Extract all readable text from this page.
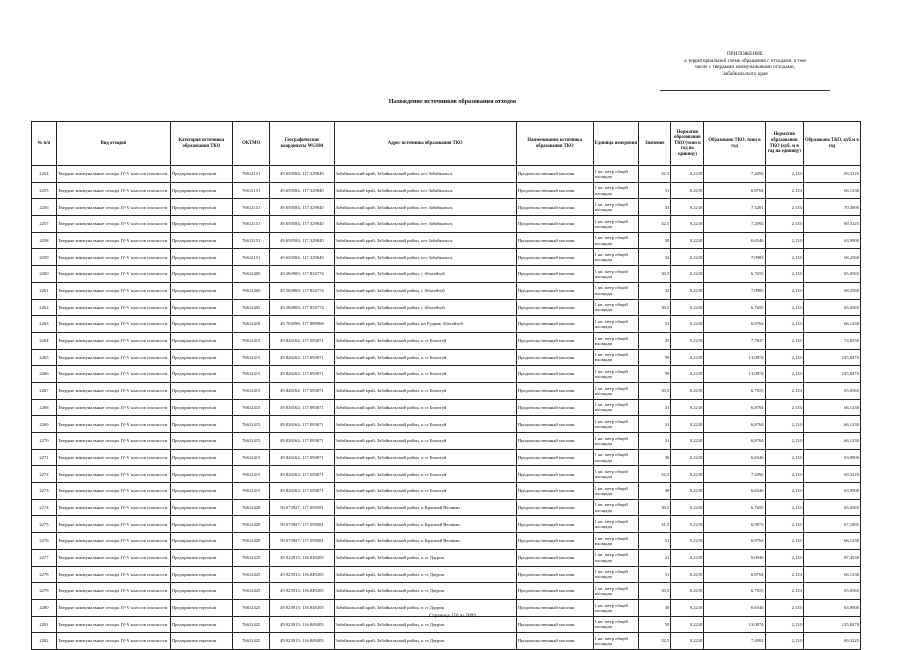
ПРИЛОЖЕНИЕ
к территориальной схеме обращения с отходами, в том
числе с твердыми коммунальными отходами,
Забайкальского края
Нахождение источников образования отходов
№ п/п	Вид отходов	Категория источника образования ТКО	ОКТМО	Географические координаты WGS84	Адрес источника образования ТКО	Наименование источника образования ТКО	Единица измерения	Значение	Норматив образования ТКО (тонн в год на единицу)	Образовано ТКО, тонн в год	Норматив образования ТКО (куб. м в год на единицу)	Образовано ТКО, куб.м в год
2254	Твердые коммунальные отходы IV-V классов опасности	Предприятия торговли	76612151	49.650584; 117.329040	Забайкальский край, Забайкальский район, пгт Забайкальск	Продовольственный магазин	1 кв. метр общей площади	32,5	0,2218	7,2092	2,133	69,3225
2255	Твердые коммунальные отходы IV-V классов опасности	Предприятия торговли	76612151	49.650584; 117.329040	Забайкальский край, Забайкальский район, пгт Забайкальск	Продовольственный магазин	1 кв. метр общей площади	31	0,2218	6,8764	2,133	66,1230
2256	Твердые коммунальные отходы IV-V классов опасности	Предприятия торговли	76612151	49.650584; 117.329040	Забайкальский край, Забайкальский район, пгт Забайкальск	Продовольственный магазин	1 кв. метр общей площади	33	0,2218	7,3201	2,133	70,3890
2257	Твердые коммунальные отходы IV-V классов опасности	Предприятия торговли	76612151	49.650584; 117.329040	Забайкальский край, Забайкальский район, пгт Забайкальск	Продовольственный магазин	1 кв. метр общей площади	32,5	0,2218	7,2092	2,133	69,3225
2258	Твердые коммунальные отходы IV-V классов опасности	Предприятия торговли	76612151	49.650584; 117.329040	Забайкальский край, Забайкальский район, пгт Забайкальск	Продовольственный магазин	1 кв. метр общей площади	30	0,2218	6,6546	2,133	63,9900
2259	Твердые коммунальные отходы IV-V классов опасности	Предприятия торговли	76612151	49.650584; 117.329040	Забайкальский край, Забайкальский район, пгт Забайкальск	Продовольственный магазин	1 кв. метр общей площади	32	0,2218	7,0983	2,133	68,2560
2260	Твердые коммунальные отходы IV-V классов опасности	Предприятия торговли	76612405	49.584900; 117.834774	Забайкальский край, Забайкальский район, с Абагайтуй	Продовольственный магазин	1 кв. метр общей площади	30,5	0,2218	6,7655	2,133	65,0565
2261	Твердые коммунальные отходы IV-V классов опасности	Предприятия торговли	76612405	49.584900; 117.834774	Забайкальский край, Забайкальский район, с Абагайтуй	Продовольственный магазин	1 кв. метр общей площади	32	0,2218	7,0983	2,133	68,2560
2262	Твердые коммунальные отходы IV-V классов опасности	Предприятия торговли	76612405	49.584900; 117.834774	Забайкальский край, Забайкальский район, с Абагайтуй	Продовольственный магазин	1 кв. метр общей площади	30,5	0,2218	6,7655	2,133	65,0565
2263	Твердые коммунальные отходы IV-V классов опасности	Предприятия торговли	76612410	49.704596; 117.889968	Забайкальский край, Забайкальский район, нп Рудник Абагайтуй	Продовольственный магазин	1 кв. метр общей площади	31	0,2218	6,8764	2,133	66,1230
2264	Твердые коммунальные отходы IV-V классов опасности	Предприятия торговли	76612415	49.826162; 117.093071	Забайкальский край, Забайкальский район, п ст Билитуй	Продовольственный магазин	1 кв. метр общей площади	35	0,2218	7,7637	2,133	74,6550
2265	Твердые коммунальные отходы IV-V классов опасности	Предприятия торговли	76612415	49.826162; 117.093071	Забайкальский край, Забайкальский район, п ст Билитуй	Продовольственный магазин	1 кв. метр общей площади	59	0,2218	13,0874	2,133	125,8470
2266	Твердые коммунальные отходы IV-V классов опасности	Предприятия торговли	76612415	49.826162; 117.093071	Забайкальский край, Забайкальский район, п ст Билитуй	Продовольственный магазин	1 кв. метр общей площади	59	0,2218	13,0874	2,133	125,8470
2267	Твердые коммунальные отходы IV-V классов опасности	Предприятия торговли	76612415	49.826162; 117.093071	Забайкальский край, Забайкальский район, п ст Билитуй	Продовольственный магазин	1 кв. метр общей площади	30,5	0,2218	6,7655	2,133	65,0565
2268	Твердые коммунальные отходы IV-V классов опасности	Предприятия торговли	76612415	49.826162; 117.093071	Забайкальский край, Забайкальский район, п ст Билитуй	Продовольственный магазин	1 кв. метр общей площади	31	0,2218	6,8764	2,133	66,1230
2269	Твердые коммунальные отходы IV-V классов опасности	Предприятия торговли	76612415	49.826162; 117.093071	Забайкальский край, Забайкальский район, п ст Билитуй	Продовольственный магазин	1 кв. метр общей площади	31	0,2218	6,8764	2,133	66,1230
2270	Твердые коммунальные отходы IV-V классов опасности	Предприятия торговли	76612415	49.826162; 117.093071	Забайкальский край, Забайкальский район, п ст Билитуй	Продовольственный магазин	1 кв. метр общей площади	31	0,2218	6,8764	2,133	66,1230
2271	Твердые коммунальные отходы IV-V классов опасности	Предприятия торговли	76612415	49.826162; 117.093071	Забайкальский край, Забайкальский район, п ст Билитуй	Продовольственный магазин	1 кв. метр общей площади	30	0,2218	6,6546	2,133	63,9900
2272	Твердые коммунальные отходы IV-V классов опасности	Предприятия торговли	76612415	49.826162; 117.093071	Забайкальский край, Забайкальский район, п ст Билитуй	Продовольственный магазин	1 кв. метр общей площади	32,5	0,2218	7,2092	2,133	69,3225
2273	Твердые коммунальные отходы IV-V классов опасности	Предприятия торговли	76612415	49.826162; 117.093071	Забайкальский край, Забайкальский район, п ст Билитуй	Продовольственный магазин	1 кв. метр общей площади	30	0,2218	6,6546	2,133	63,9900
2274	Твердые коммунальные отходы IV-V классов опасности	Предприятия торговли	76612420	50.073927; 117.059581	Забайкальский край, Забайкальский район, п Красный Великан	Продовольственный магазин	1 кв. метр общей площади	30,5	0,2218	6,7655	2,133	65,0565
2275	Твердые коммунальные отходы IV-V классов опасности	Предприятия торговли	76612420	50.073927; 117.059581	Забайкальский край, Забайкальский район, п Красный Великан	Продовольственный магазин	1 кв. метр общей площади	31,5	0,2218	6,9873	2,133	67,1895
2276	Твердые коммунальные отходы IV-V классов опасности	Предприятия торговли	76612420	50.073927; 117.059581	Забайкальский край, Забайкальский район, п Красный Великан	Продовольственный магазин	1 кв. метр общей площади	31	0,2218	6,8764	2,133	66,1230
2277	Твердые коммунальные отходы IV-V классов опасности	Предприятия торговли	76612425	49.923913; 116.849205	Забайкальский край, Забайкальский район, п ст Даурия	Продовольственный магазин	1 кв. метр общей площади	41	0,2218	9,0946	2,133	87,4530
2278	Твердые коммунальные отходы IV-V классов опасности	Предприятия торговли	76612425	49.923913; 116.849205	Забайкальский край, Забайкальский район, п ст Даурия	Продовольственный магазин	1 кв. метр общей площади	31	0,2218	6,8764	2,133	66,1230
2279	Твердые коммунальные отходы IV-V классов опасности	Предприятия торговли	76612425	49.923913; 116.849205	Забайкальский край, Забайкальский район, п ст Даурия	Продовольственный магазин	1 кв. метр общей площади	30,5	0,2218	6,7655	2,133	65,0565
2280	Твердые коммунальные отходы IV-V классов опасности	Предприятия торговли	76612425	49.923913; 116.849205	Забайкальский край, Забайкальский район, п ст Даурия	Продовольственный магазин	1 кв. метр общей площади	30	0,2218	6,6546	2,133	63,9900
2281	Твердые коммунальные отходы IV-V классов опасности	Предприятия торговли	76612425	49.923913; 116.849205	Забайкальский край, Забайкальский район, п ст Даурия	Продовольственный магазин	1 кв. метр общей площади	59	0,2218	13,0874	2,133	125,8470
2282	Твердые коммунальные отходы IV-V классов опасности	Предприятия торговли	76612425	49.923913; 116.849205	Забайкальский край, Забайкальский район, п ст Даурия	Продовольственный магазин	1 кв. метр общей площади	32,5	0,2218	7,2092	2,133	69,3225
Страница 150 из 5099
